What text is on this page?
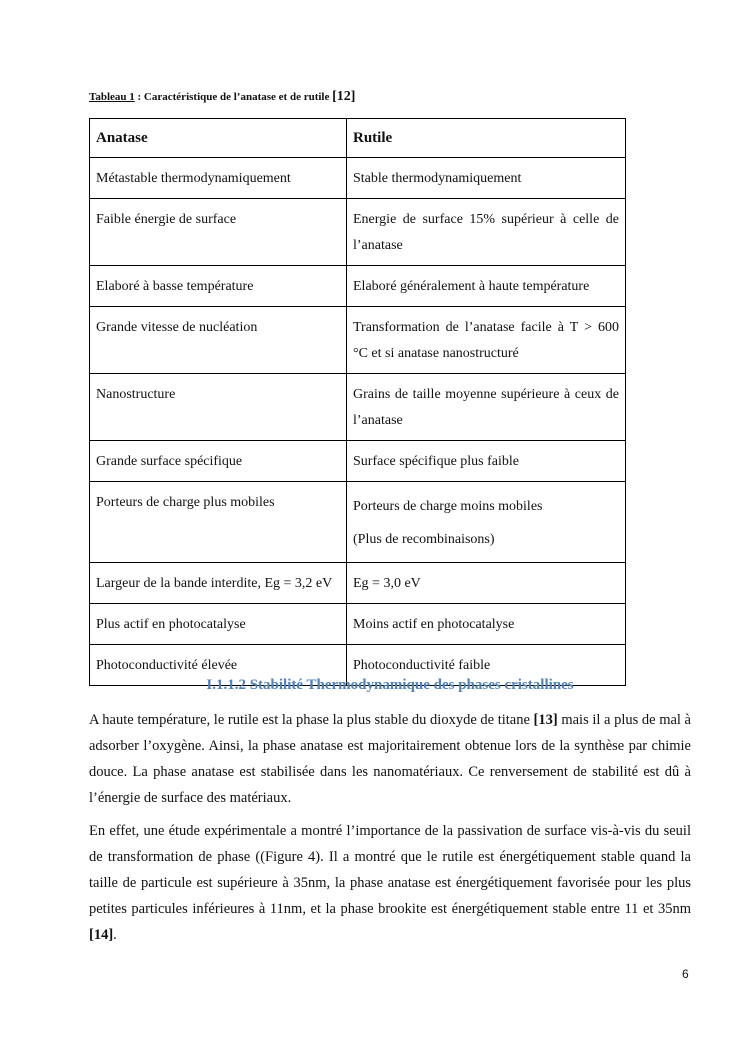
Tableau 1 : Caractéristique de l’anatase et de rutile [12]
Anatase	Rutile
Métastable thermodynamiquement	Stable thermodynamiquement
Faible énergie de surface	Energie de surface 15% supérieur à celle de l’anatase
Elaboré à basse température	Elaboré généralement à haute température
Grande vitesse de nucléation	Transformation de l’anatase facile à T > 600 °C et si anatase nanostructuré
Nanostructure	Grains de taille moyenne supérieure à ceux de l’anatase
Grande surface spécifique	Surface spécifique plus faible
Porteurs de charge plus mobiles	Porteurs de charge moins mobiles
(Plus de recombinaisons)

Largeur de la bande interdite, Eg = 3,2 eV	Eg = 3,0 eV
Plus actif en photocatalyse	Moins actif en photocatalyse
Photoconductivité élevée	Photoconductivité faible
I.1.1.2 Stabilité Thermodynamique des phases cristallines

A haute température, le rutile est la phase la plus stable du dioxyde de titane [13] mais il a plus de mal à adsorber l’oxygène. Ainsi, la phase anatase est majoritairement obtenue lors de la synthèse par chimie douce. La phase anatase est stabilisée dans les nanomatériaux. Ce renversement de stabilité est dû à l’énergie de surface des matériaux.

En effet, une étude expérimentale a montré l’importance de la passivation de surface vis-à-vis du seuil de transformation de phase ((Figure 4). Il a montré que le rutile est énergétiquement stable quand la taille de particule est supérieure à 35nm, la phase anatase est énergétiquement favorisée pour les plus petites particules inférieures à 11nm, et la phase brookite est énergétiquement stable entre 11 et 35nm [14].

6
